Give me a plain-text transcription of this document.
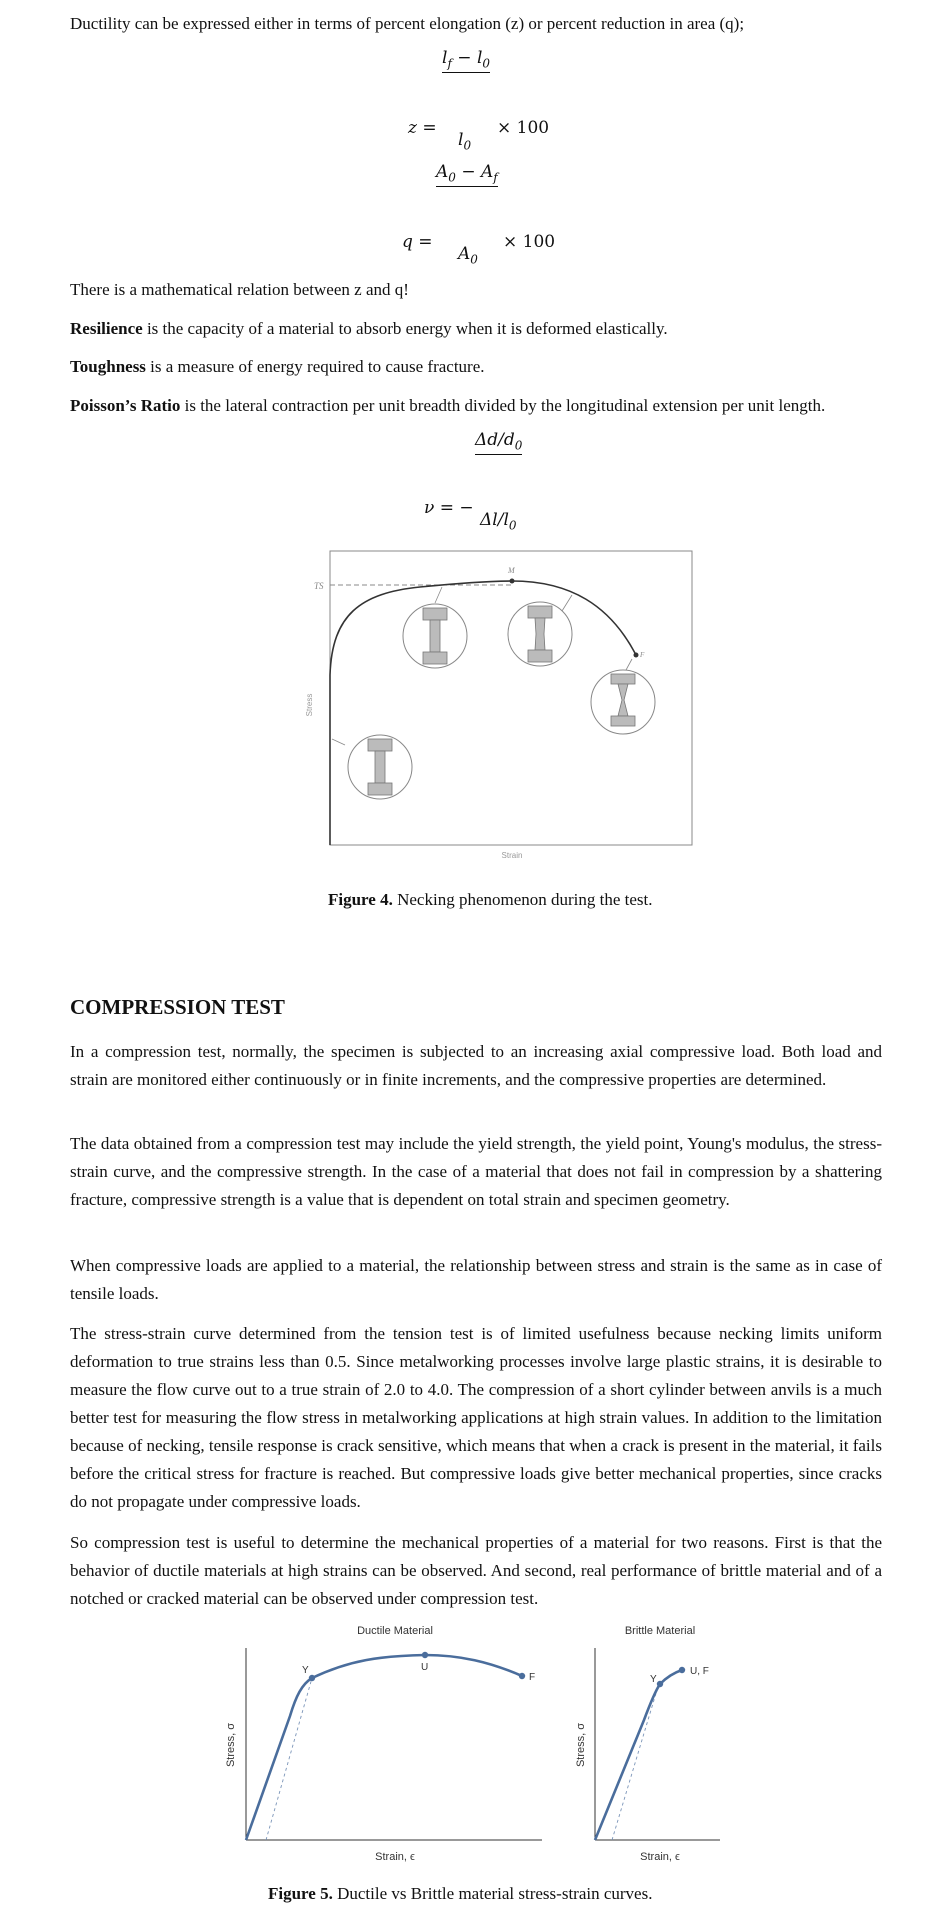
Ductility can be expressed either in terms of percent elongation (z) or percent reduction in area (q);
$l_f - l_0$
z =
$l_0$
× 100
$A_0 - A_f$
q =
$A_0$
× 100
There is a mathematical relation between z and q!
Resilience is the capacity of a material to absorb energy when it is deformed elastically.
Toughness is a measure of energy required to cause fracture.
Poisson’s Ratio is the lateral contraction per unit breadth divided by the longitudinal extension per unit length.
$\Delta d/d_0$
ν = −
$\Delta l/l_0$
TS
M
F
Stress
Strain
Figure 4. Necking phenomenon during the test.
COMPRESSION TEST
In a compression test, normally, the specimen is subjected to an increasing axial compressive load. Both load and strain are monitored either continuously or in finite increments, and the compressive properties are determined.
The data obtained from a compression test may include the yield strength, the yield point, Young's modulus, the stress-strain curve, and the compressive strength. In the case of a material that does not fail in compression by a shattering fracture, compressive strength is a value that is dependent on total strain and specimen geometry.
When compressive loads are applied to a material, the relationship between stress and strain is the same as in case of tensile loads.
The stress-strain curve determined from the tension test is of limited usefulness because necking limits uniform deformation to true strains less than 0.5. Since metalworking processes involve large plastic strains, it is desirable to measure the flow curve out to a true strain of 2.0 to 4.0. The compression of a short cylinder between anvils is a much better test for measuring the flow stress in metalworking applications at high strain values. In addition to the limitation because of necking, tensile response is crack sensitive, which means that when a crack is present in the material, it fails before the critical stress for fracture is reached. But compressive loads give better mechanical properties, since cracks do not propagate under compressive loads.
So compression test is useful to determine the mechanical properties of a material for two reasons. First is that the behavior of ductile materials at high strains can be observed. And second, real performance of brittle material and of a notched or cracked material can be observed under compression test.
Ductile Material
Y	U
F
Stress, σ
Strain, ϵ
Brittle Material
Y
U, F
Stress, σ
Strain, ϵ
Figure 5. Ductile vs Brittle material stress-strain curves.
